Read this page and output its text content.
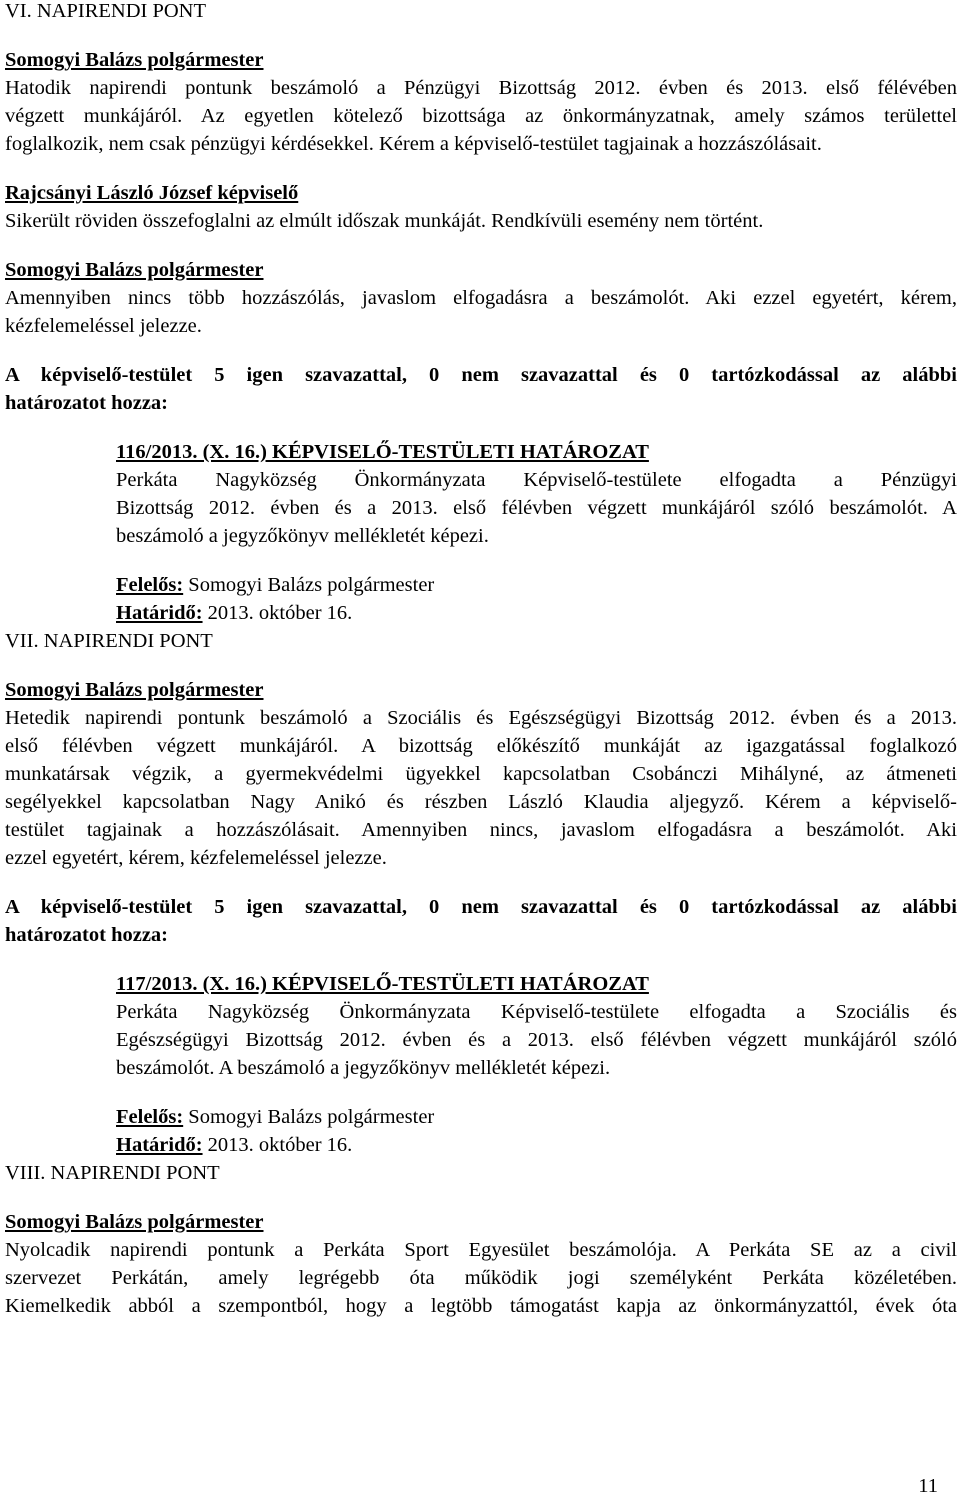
VI. NAPIRENDI PONT
Somogyi Balázs polgármester
Hatodik napirendi pontunk beszámoló a Pénzügyi Bizottság 2012. évben és 2013. első félévében
végzett munkájáról. Az egyetlen kötelező bizottsága az önkormányzatnak, amely számos területtel
foglalkozik, nem csak pénzügyi kérdésekkel. Kérem a képviselő-testület tagjainak a hozzászólásait.
Rajcsányi László József képviselő
Sikerült röviden összefoglalni az elmúlt időszak munkáját. Rendkívüli esemény nem történt.
Somogyi Balázs polgármester
Amennyiben nincs több hozzászólás, javaslom elfogadásra a beszámolót. Aki ezzel egyetért, kérem,
kézfelemeléssel jelezze.
A képviselő-testület 5 igen szavazattal, 0 nem szavazattal és 0 tartózkodással az alábbi
határozatot hozza:
116/2013. (X. 16.) KÉPVISELŐ-TESTÜLETI HATÁROZAT
Perkáta Nagyközség Önkormányzata Képviselő-testülete elfogadta a Pénzügyi
Bizottság 2012. évben és a 2013. első félévben végzett munkájáról szóló beszámolót. A
beszámoló a jegyzőkönyv mellékletét képezi.
Felelős: Somogyi Balázs polgármester
Határidő: 2013. október 16.
VII. NAPIRENDI PONT
Somogyi Balázs polgármester
Hetedik napirendi pontunk beszámoló a Szociális és Egészségügyi Bizottság 2012. évben és a 2013.
első félévben végzett munkájáról. A bizottság előkészítő munkáját az igazgatással foglalkozó
munkatársak végzik, a gyermekvédelmi ügyekkel kapcsolatban Csobánczi Mihályné, az átmeneti
segélyekkel kapcsolatban Nagy Anikó és részben László Klaudia aljegyző. Kérem a képviselő-
testület tagjainak a hozzászólásait. Amennyiben nincs, javaslom elfogadásra a beszámolót. Aki
ezzel egyetért, kérem, kézfelemeléssel jelezze.
A képviselő-testület 5 igen szavazattal, 0 nem szavazattal és 0 tartózkodással az alábbi
határozatot hozza:
117/2013. (X. 16.) KÉPVISELŐ-TESTÜLETI HATÁROZAT
Perkáta Nagyközség Önkormányzata Képviselő-testülete elfogadta a Szociális és
Egészségügyi Bizottság 2012. évben és a 2013. első félévben végzett munkájáról szóló
beszámolót. A beszámoló a jegyzőkönyv mellékletét képezi.
Felelős: Somogyi Balázs polgármester
Határidő: 2013. október 16.
VIII. NAPIRENDI PONT
Somogyi Balázs polgármester
Nyolcadik napirendi pontunk a Perkáta Sport Egyesület beszámolója. A Perkáta SE az a civil
szervezet Perkátán, amely legrégebb óta működik jogi személyként Perkáta közéletében.
Kiemelkedik abból a szempontból, hogy a legtöbb támogatást kapja az önkormányzattól, évek óta
11
